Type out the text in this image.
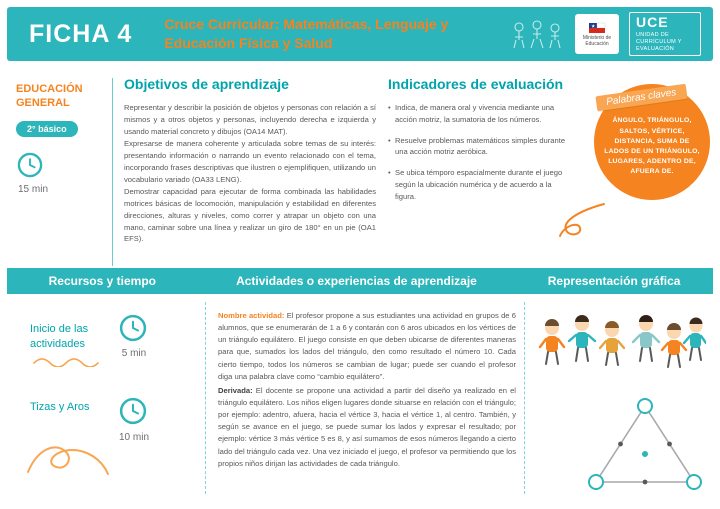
FICHA 4 Cruce Curricular: Matemáticas, Lenguaje y Educación Física y Salud	Ministerio de Educación
UCE
UNIDAD DE CURRÍCULUM Y EVALUACIÓN
EDUCACIÓN GENERAL
2° básico
15 min
Objetivos de aprendizaje

Representar y describir la posición de objetos y personas con relación a sí mismos y a otros objetos y personas, incluyendo derecha e izquierda y usando material concreto y dibujos (OA14 MAT).

Expresarse de manera coherente y articulada sobre temas de su interés: presentando información o narrando un evento relacionado con el tema, incorporando frases descriptivas que ilustren o ejemplifiquen, utilizando un vocabulario variado (OA33 LENG).

Demostrar capacidad para ejecutar de forma combinada las habilidades motrices básicas de locomoción, manipulación y estabilidad en diferentes direcciones, alturas y niveles, como correr y atrapar un objeto con una mano, caminar sobre una línea y realizar un giro de 180° en un pie (OA1 EFS).

Indicadores de evaluación
• Indica, de manera oral y vivencia mediante una acción motriz, la sumatoria de los números.
• Resuelve problemas matemáticos simples durante una acción motriz aeróbica.
• Se ubica témporo espacialmente durante el juego según la ubicación numérica y de acuerdo a la figura.
Palabras claves
ÁNGULO, TRIÁNGULO, SALTOS, VÉRTICE, DISTANCIA, SUMA DE LADOS DE UN TRIÁNGULO, LUGARES, ADENTRO DE, AFUERA DE.
Recursos y tiempo	Actividades o experiencias de aprendizaje	Representación gráfica
Inicio de las actividades
5 min
Tizas y Aros
10 min
Nombre actividad: El profesor propone a sus estudiantes una actividad en grupos de 6 alumnos, que se enumerarán de 1 a 6 y contarán con 6 aros ubicados en los vértices de un triángulo equilátero. El juego consiste en que deben ubicarse de diferentes maneras para que, sumados los lados del triángulo, den como resultado el número 10. Cada cierto tiempo, todos los números se cambian de lugar; puede ser cuando el profesor diga una palabra clave como “cambio equilátero”.
Derivada: El docente se propone una actividad a partir del diseño ya realizado en el triángulo equilátero. Los niños eligen lugares donde situarse en relación con el triángulo; por ejemplo: adentro, afuera, hacia el vértice 3, hacia el vértice 1, al centro. También, y según se avance en el juego, se puede sumar los lados y expresar el resultado; por ejemplo: vértice 3 más vértice 5 es 8, y así sumamos de esos números llegando a cierto lado del triángulo cada vez. Una vez iniciado el juego, el profesor va permitiendo que los propios niños dirijan las actividades de cada triángulo.
